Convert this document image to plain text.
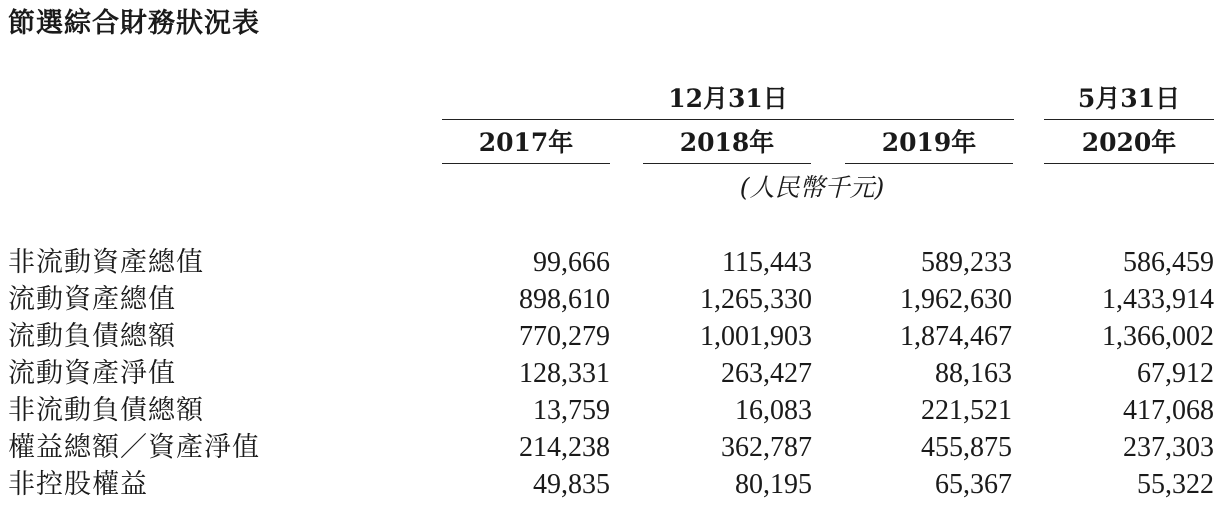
節選綜合財務狀況表
12月31日	5月31日
2017年	2018年	2019年	2020年
(人民幣千元)
非流動資產總值	99,666	115,443	589,233	586,459
流動資產總值	898,610	1,265,330	1,962,630	1,433,914
流動負債總額	770,279	1,001,903	1,874,467	1,366,002
流動資產淨值	128,331	263,427	88,163	67,912
非流動負債總額	13,759	16,083	221,521	417,068
權益總額／資產淨值	214,238	362,787	455,875	237,303
非控股權益	49,835	80,195	65,367	55,322
